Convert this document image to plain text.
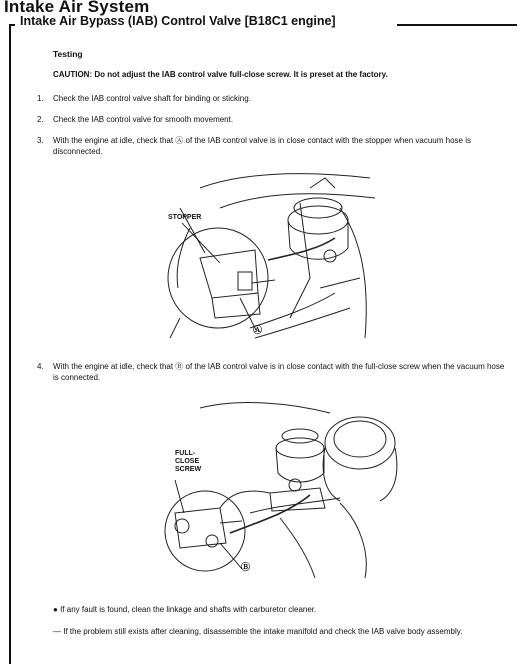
Intake Air System
Intake Air Bypass (IAB) Control Valve [B18C1 engine]
Testing
CAUTION: Do not adjust the IAB control valve full-close screw. It is preset at the factory.
1. Check the IAB control valve shaft for binding or sticking.
2. Check the IAB control valve for smooth movement.
3. With the engine at idle, check that Ⓐ of the IAB control valve is in close contact with the stopper when vacuum hose is disconnected.
STOPPER
Ⓐ
4. With the engine at idle, check that Ⓑ of the IAB control valve is in close contact with the full-close screw when the vacuum hose is connected.
FULL-
CLOSE
SCREW
Ⓑ
● If any fault is found, clean the linkage and shafts with carburetor cleaner.
— If the problem still exists after cleaning, disassemble the intake manifold and check the IAB valve body assembly.
